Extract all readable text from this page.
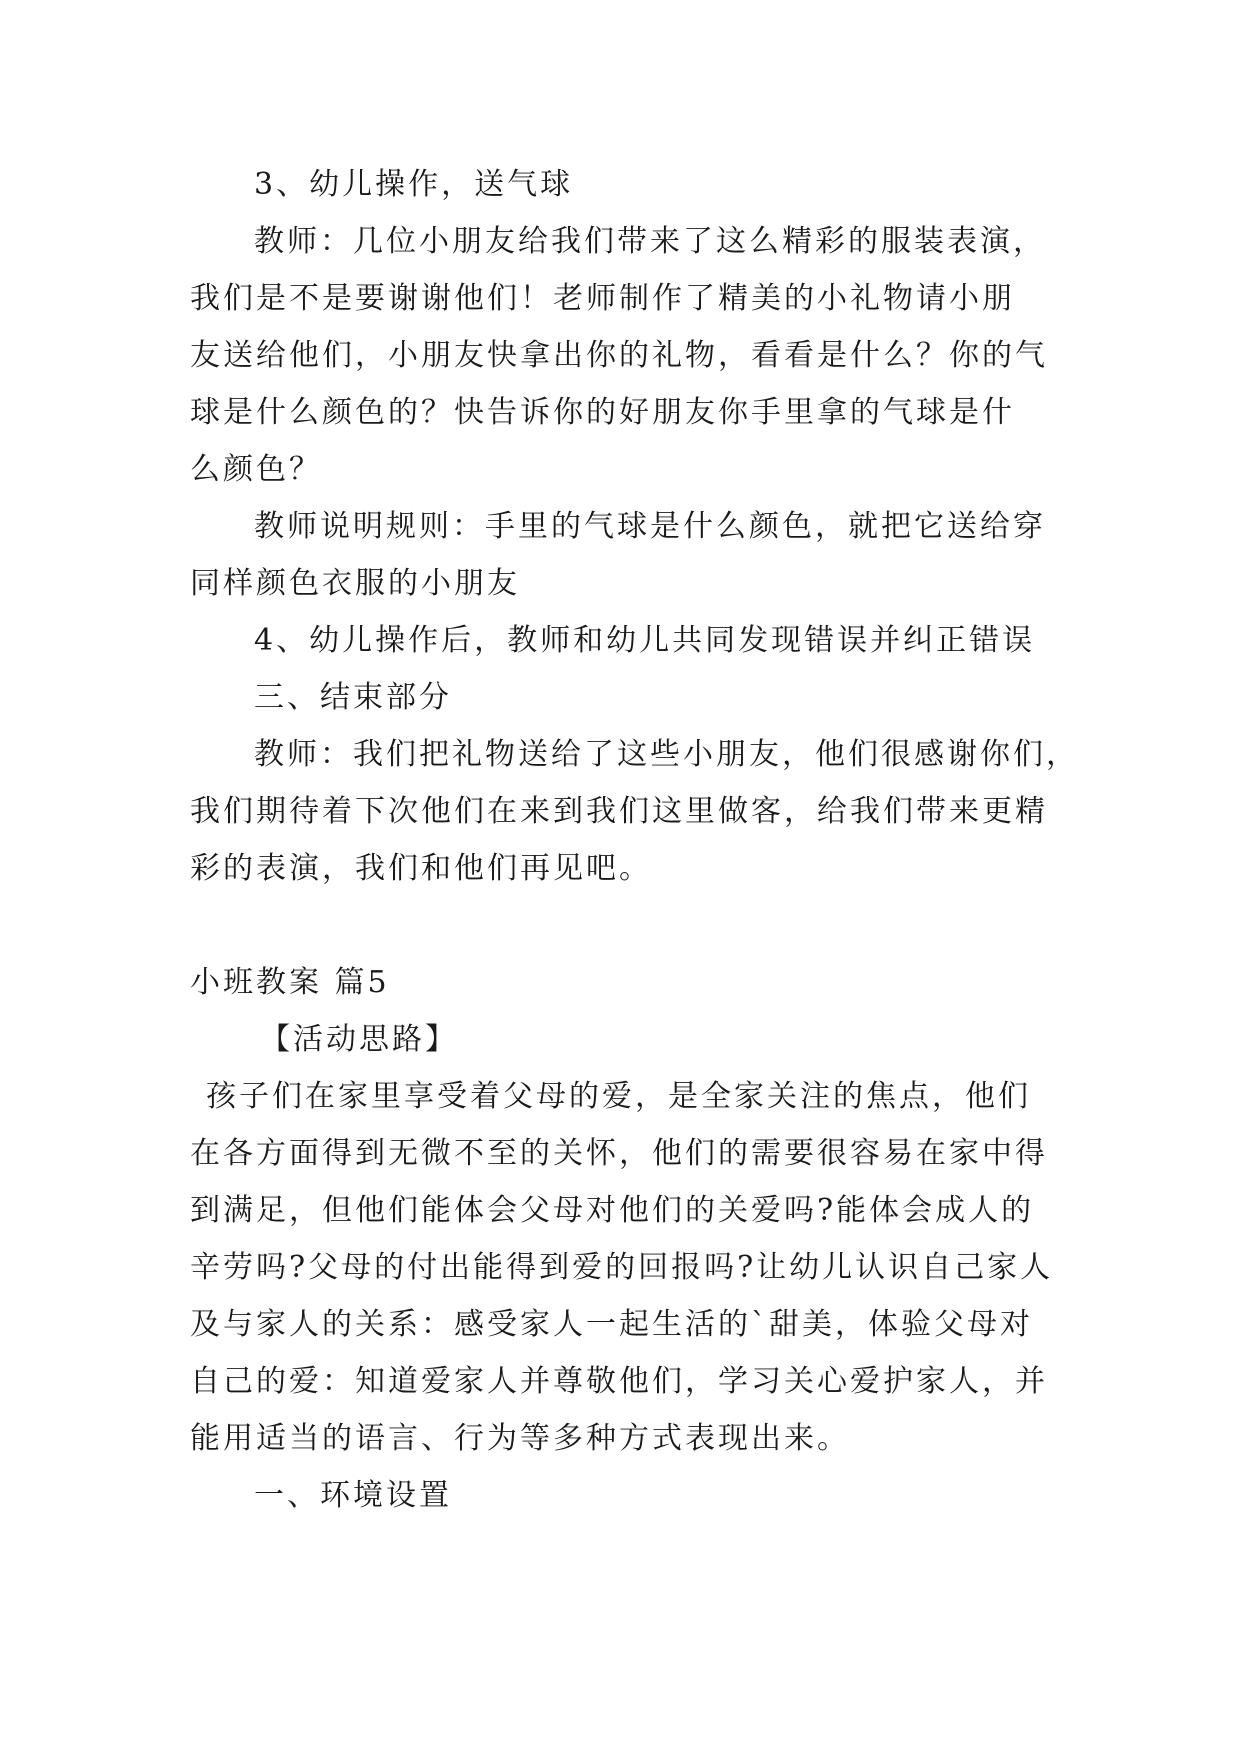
3、幼儿操作，送气球
教师：几位小朋友给我们带来了这么精彩的服装表演，
我们是不是要谢谢他们！老师制作了精美的小礼物请小朋
友送给他们，小朋友快拿出你的礼物，看看是什么？你的气
球是什么颜色的？快告诉你的好朋友你手里拿的气球是什
么颜色？
教师说明规则：手里的气球是什么颜色，就把它送给穿
同样颜色衣服的小朋友
4、幼儿操作后，教师和幼儿共同发现错误并纠正错误
三、结束部分
教师：我们把礼物送给了这些小朋友，他们很感谢你们，
我们期待着下次他们在来到我们这里做客，给我们带来更精
彩的表演，我们和他们再见吧。
小班教案 篇5
【活动思路】
孩子们在家里享受着父母的爱，是全家关注的焦点，他们
在各方面得到无微不至的关怀，他们的需要很容易在家中得
到满足，但他们能体会父母对他们的关爱吗?能体会成人的
辛劳吗?父母的付出能得到爱的回报吗?让幼儿认识自己家人
及与家人的关系：感受家人一起生活的`甜美，体验父母对
自己的爱：知道爱家人并尊敬他们，学习关心爱护家人，并
能用适当的语言、行为等多种方式表现出来。
一、环境设置
